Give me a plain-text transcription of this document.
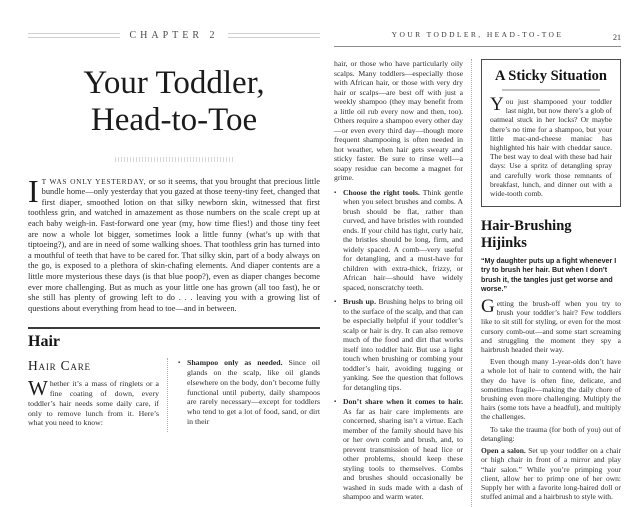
CHAPTER 2
Your Toddler,
Head-to-Toe
I T WAS ONLY YESTERDAY, or so it seems, that you brought that precious little bundle home—only yesterday that you gazed at those teeny-tiny feet, changed that first diaper, smoothed lotion on that silky newborn skin, witnessed that first toothless grin, and watched in amazement as those numbers on the scale crept up at each baby weigh-in. Fast-forward one year (my, how time flies!) and those tiny feet are now a whole lot bigger, sometimes look a little funny (what’s up with that tiptoeing?), and are in need of some walking shoes. That toothless grin has turned into a mouthful of teeth that have to be cared for. That silky skin, part of a body always on the go, is exposed to a plethora of skin-chafing elements. And diaper contents are a little more mysterious these days (is that blue poop?), even as diaper changes become ever more challenging. But as much as your little one has grown (all too fast), he or she still has plenty of growing left to do . . . leaving you with a growing list of questions about everything from head to toe—and in between.
Hair
Hair Care
Whether it’s a mass of ringlets or a fine coating of down, every toddler’s hair needs some daily care, if only to remove lunch from it. Here’s what you need to know:
▪ Shampoo only as needed. Since oil glands on the scalp, like oil glands elsewhere on the body, don’t become fully functional until puberty, daily shampoos are rarely necessary—except for toddlers who tend to get a lot of food, sand, or dirt in their
YOUR TODDLER, HEAD-TO-TOE	21

hair, or those who have particularly oily scalps. Many toddlers—especially those with African hair, or those with very dry hair or scalps—are best off with just a weekly shampoo (they may benefit from a little oil rub every now and then, too). Others require a shampoo every other day—or even every third day—though more frequent shampooing is often needed in hot weather, when hair gets sweaty and sticky faster. Be sure to rinse well—a soapy residue can become a magnet for grime.

▪ Choose the right tools. Think gentle when you select brushes and combs. A brush should be flat, rather than curved, and have bristles with rounded ends. If your child has tight, curly hair, the bristles should be long, firm, and widely spaced. A comb—very useful for detangling, and a must-have for children with extra-thick, frizzy, or African hair—should have widely spaced, nonscratchy teeth.
▪ Brush up. Brushing helps to bring oil to the surface of the scalp, and that can be especially helpful if your toddler’s scalp or hair is dry. It can also remove much of the food and dirt that works itself into toddler hair. But use a light touch when brushing or combing your toddler’s hair, avoiding tugging or yanking. See the question that follows for detangling tips.
▪ Don’t share when it comes to hair. As far as hair care implements are concerned, sharing isn’t a virtue. Each member of the family should have his or her own comb and brush, and, to prevent transmission of head lice or other problems, should keep these styling tools to themselves. Combs and brushes should occasionally be washed in suds made with a dash of shampoo and warm water.
A Sticky Situation
You just shampooed your toddler last night, but now there’s a glob of oatmeal stuck in her locks? Or maybe there’s no time for a shampoo, but your little mac-and-cheese maniac has highlighted his hair with cheddar sauce. The best way to deal with these bad hair days: Use a spritz of detangling spray and carefully work those remnants of breakfast, lunch, and dinner out with a wide-tooth comb.
Hair-Brushing Hijinks
“My daughter puts up a fight whenever I try to brush her hair. But when I don’t brush it, the tangles just get worse and worse.”

Getting the brush-off when you try to brush your toddler’s hair? Few toddlers like to sit still for styling, or even for the most cursory comb-out—and some start screaming and struggling the moment they spy a hairbrush headed their way.

Even though many 1-year-olds don’t have a whole lot of hair to contend with, the hair they do have is often fine, delicate, and sometimes fragile—making the daily chore of brushing even more challenging. Multiply the hairs (some tots have a headful), and multiply the challenges.

To take the trauma (for both of you) out of detangling:

Open a salon. Set up your toddler on a chair or high chair in front of a mirror and play “hair salon.” While you’re primping your client, allow her to primp one of her own: Supply her with a favorite long-haired doll or stuffed animal and a hairbrush to style with.
